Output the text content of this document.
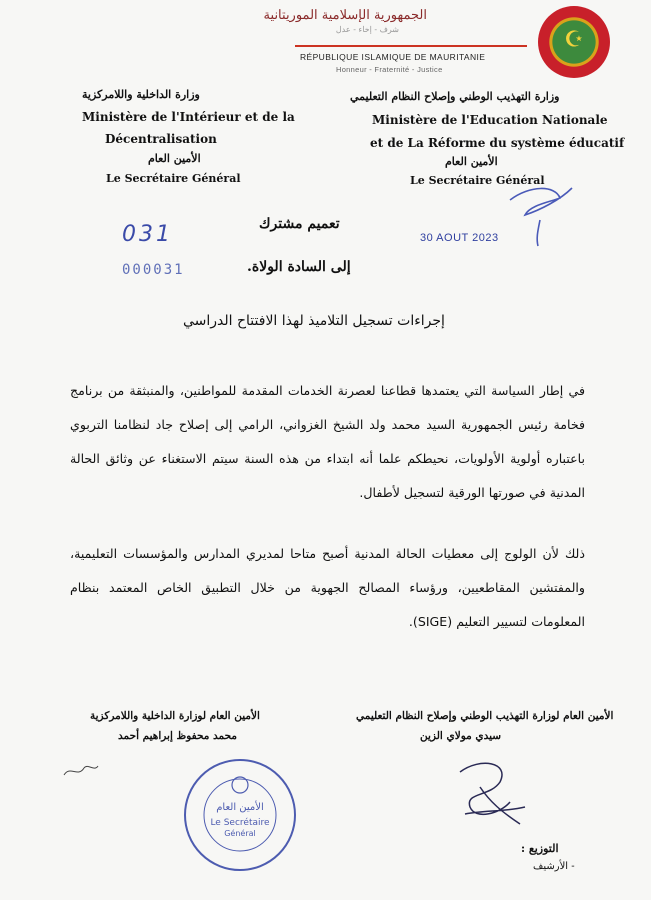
الجمهورية الإسلامية الموريتانية
شرف - إخاء - عدل
RÉPUBLIQUE ISLAMIQUE DE MAURITANIE
Honneur - Fraternité - Justice
☪
وزارة الداخلية واللامركزية
Ministère de l'Intérieur et de la
Décentralisation
الأمين العام
Le Secrétaire Général
وزارة التهذيب الوطني وإصلاح النظام التعليمي
Ministère de l'Education Nationale
et de La Réforme du système éducatif
الأمين العام
Le Secrétaire Général
031
000031
30 AOUT 2023
تعميم مشترك
إلى السادة الولاة.
إجراءات تسجيل التلاميذ لهذا الافتتاح الدراسي
في إطار السياسة التي يعتمدها قطاعنا لعصرنة الخدمات المقدمة للمواطنين، والمنبثقة من برنامج فخامة رئيس الجمهورية السيد محمد ولد الشيخ الغزواني، الرامي إلى إصلاح جاد لنظامنا التربوي باعتباره أولوية الأولويات، نحيطكم علما أنه ابتداء من هذه السنة سيتم الاستغناء عن وثائق الحالة المدنية في صورتها الورقية لتسجيل لأطفال.
ذلك لأن الولوج إلى معطيات الحالة المدنية أصبح متاحا لمديري المدارس والمؤسسات التعليمية، والمفتشين المقاطعيين، ورؤساء المصالح الجهوية من خلال التطبيق الخاص المعتمد بنظام المعلومات لتسيير التعليم (SIGE).
الأمين العام لوزارة الداخلية واللامركزية
محمد محفوظ إبراهيم أحمد
الأمين العام لوزارة التهذيب الوطني وإصلاح النظام التعليمي
سيدي مولاي الزين
الأمين العام
Le Secrétaire
Général
التوزيع :
- الأرشيف
